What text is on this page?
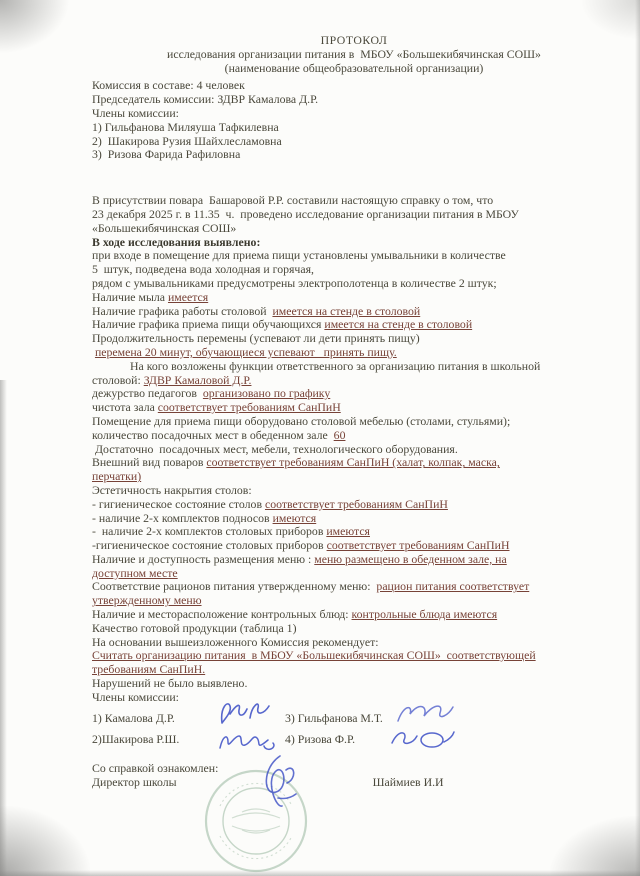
ПРОТОКОЛ
исследования организации питания в  МБОУ «Большекибячинская СОШ»
(наименование общеобразовательной организации)
Комиссия в составе: 4 человек
Председатель комиссии: ЗДВР Камалова Д.Р.
Члены комиссии:
1) Гильфанова Миляуша Тафкилевна
2)  Шакирова Рузия Шайхлесламовна
3)  Ризова Фарида Рафиловна
В присутствии повара  Башаровой Р.Р. составили настоящую справку о том, что
23 декабря 2025 г. в 11.35  ч.  проведено исследование организации питания в МБОУ
«Большекибячинская СОШ»
В ходе исследования выявлено:
при входе в помещение для приема пищи установлены умывальники в количестве
5  штук, подведена вода холодная и горячая,
рядом с умывальниками предусмотрены электрополотенца в количестве 2 штук;
Наличие мыла имеется
Наличие графика работы столовой  имеется на стенде в столовой
Наличие графика приема пищи обучающихся имеется на стенде в столовой
Продолжительность перемены (успевают ли дети принять пищу)
перемена 20 минут, обучающиеся успевают   принять пищу.
На кого возложены функции ответственного за организацию питания в школьной
столовой: ЗДВР Камаловой Д.Р.
дежурство педагогов  организовано по графику
чистота зала соответствует требованиям СанПиН
Помещение для приема пищи оборудовано столовой мебелью (столами, стульями);
количество посадочных мест в обеденном зале  60
Достаточно  посадочных мест, мебели, технологического оборудования.
Внешний вид поваров соответствует требованиям СанПиН (халат, колпак, маска,
перчатки)
Эстетичность накрытия столов:
- гигиеническое состояние столов соответствует требованиям СанПиН
- наличие 2-х комплектов подносов имеются
-  наличие 2-х комплектов столовых приборов имеются
-гигиеническое состояние столовых приборов соответствует требованиям СанПиН
Наличие и доступность размещения меню : меню размещено в обеденном зале, на
доступном месте
Соответствие рационов питания утвержденному меню:  рацион питания соответствует
утвержденному меню
Наличие и месторасположение контрольных блюд: контрольные блюда имеются
Качество готовой продукции (таблица 1)
На основании вышеизложенного Комиссия рекомендует:
Считать организацию питания  в МБОУ «Большекибячинская СОШ»  соответствующей
требованиям СанПиН.
Нарушений не было выявлено.
Члены комиссии:
1) Камалова Д.Р.	3) Гильфанова М.Т.
2)Шакирова Р.Ш.	4) Ризова Ф.Р.
Со справкой ознакомлен:
Директор школы	Шаймиев И.И
